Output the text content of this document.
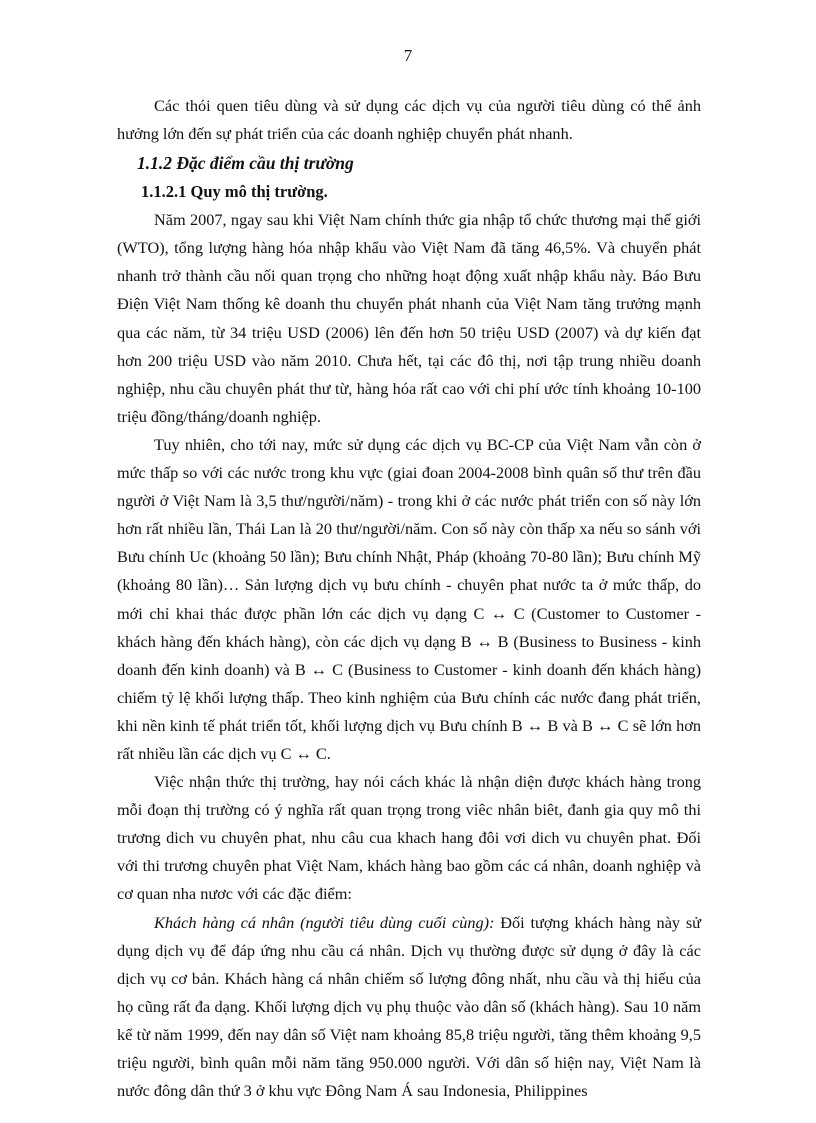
7

Các thói quen tiêu dùng và sử dụng các dịch vụ của người tiêu dùng có thể ảnh hưởng lớn đến sự phát triển của các doanh nghiệp chuyển phát nhanh.

1.1.2 Đặc điểm cầu thị trường
1.1.2.1 Quy mô thị trường.

Năm 2007, ngay sau khi Việt Nam chính thức gia nhập tổ chức thương mại thế giới (WTO), tổng lượng hàng hóa nhập khẩu vào Việt Nam đã tăng 46,5%. Và chuyển phát nhanh trở thành cầu nối quan trọng cho những hoạt động xuất nhập khẩu này. Báo Bưu Điện Việt Nam thống kê doanh thu chuyển phát nhanh của Việt Nam tăng trưởng mạnh qua các năm, từ 34 triệu USD (2006) lên đến hơn 50 triệu USD (2007) và dự kiến đạt hơn 200 triệu USD vào năm 2010. Chưa hết, tại các đô thị, nơi tập trung nhiều doanh nghiệp, nhu cầu chuyên phát thư từ, hàng hóa rất cao với chi phí ước tính khoảng 10-100 triệu đồng/tháng/doanh nghiệp.

Tuy nhiên, cho tới nay, mức sử dụng các dịch vụ BC-CP của Việt Nam vẫn còn ở mức thấp so với các nước trong khu vực (giai đoan 2004-2008 bình quân số thư trên đầu người ở Việt Nam là 3,5 thư/người/năm) - trong khi ở các nước phát triển con số này lớn hơn rất nhiều lần, Thái Lan là 20 thư/người/năm. Con số này còn thấp xa nếu so sánh với Bưu chính Uc (khoảng 50 lần); Bưu chính Nhật, Pháp (khoảng 70-80 lần); Bưu chính Mỹ (khoảng 80 lần)… Sản lượng dịch vụ bưu chính - chuyên phat nước ta ở mức thấp, do mới chỉ khai thác được phần lớn các dịch vụ dạng C ↔ C (Customer to Customer - khách hàng đến khách hàng), còn các dịch vụ dạng B ↔ B (Business to Business - kinh doanh đến kinh doanh) và B ↔ C (Business to Customer - kinh doanh đến khách hàng) chiếm tỷ lệ khối lượng thấp. Theo kinh nghiệm của Bưu chính các nước đang phát triển, khi nền kinh tế phát triển tốt, khối lượng dịch vụ Bưu chính B ↔ B và B ↔ C sẽ lớn hơn rất nhiều lần các dịch vụ C ↔ C.

Việc nhận thức thị trường, hay nói cách khác là nhận diện được khách hàng trong mỗi đoạn thị trường có ý nghĩa rất quan trọng trong viêc nhân biêt, đanh gia quy mô thi trương dich vu chuyên phat, nhu câu cua khach hang đôi vơi dich vu chuyên phat. Đối với thi trương chuyên phat Việt Nam, khách hàng bao gồm các cá nhân, doanh nghiệp và cơ quan nha nươc với các đặc điểm:

Khách hàng cá nhân (người tiêu dùng cuối cùng): Đối tượng khách hàng này sử dụng dịch vụ để đáp ứng nhu cầu cá nhân. Dịch vụ thường được sử dụng ở đây là các dịch vụ cơ bản. Khách hàng cá nhân chiếm số lượng đông nhất, nhu cầu và thị hiếu của họ cũng rất đa dạng. Khối lượng dịch vụ phụ thuộc vào dân số (khách hàng). Sau 10 năm kể từ năm 1999, đến nay dân số Việt nam khoảng 85,8 triệu người, tăng thêm khoảng 9,5 triệu người, bình quân mỗi năm tăng 950.000 người. Với dân số hiện nay, Việt Nam là nước đông dân thứ 3 ở khu vực Đông Nam Á sau Indonesia, Philippines
